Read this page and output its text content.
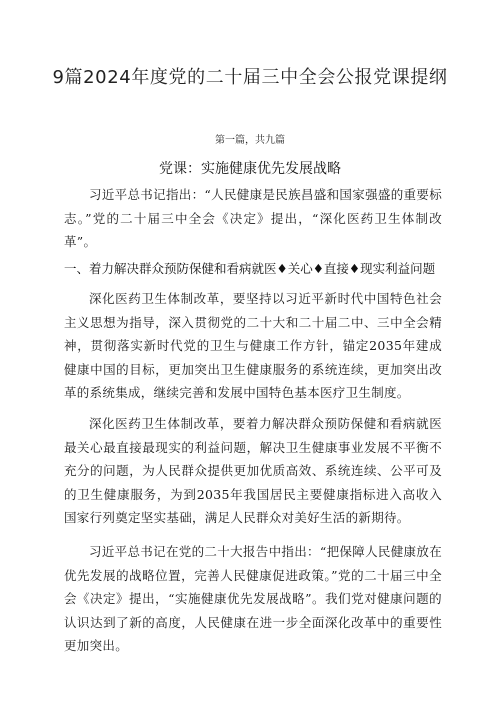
9篇2024年度党的二十届三中全会公报党课提纲
第一篇，共九篇
党课：实施健康优先发展战略

习近平总书记指出：“人民健康是民族昌盛和国家强盛的重要标志。”党的二十届三中全会《决定》提出，“深化医药卫生体制改革”。

一、着力解决群众预防保健和看病就医♦关心♦直接♦现实利益问题

深化医药卫生体制改革，要坚持以习近平新时代中国特色社会主义思想为指导，深入贯彻党的二十大和二十届二中、三中全会精神，贯彻落实新时代党的卫生与健康工作方针，锚定2035年建成健康中国的目标，更加突出卫生健康服务的系统连续，更加突出改革的系统集成，继续完善和发展中国特色基本医疗卫生制度。

深化医药卫生体制改革，要着力解决群众预防保健和看病就医最关心最直接最现实的利益问题，解决卫生健康事业发展不平衡不充分的问题，为人民群众提供更加优质高效、系统连续、公平可及的卫生健康服务，为到2035年我国居民主要健康指标进入高收入国家行列奠定坚实基础，满足人民群众对美好生活的新期待。

习近平总书记在党的二十大报告中指出：“把保障人民健康放在优先发展的战略位置，完善人民健康促进政策。”党的二十届三中全会《决定》提出，“实施健康优先发展战略”。我们党对健康问题的认识达到了新的高度，人民健康在进一步全面深化改革中的重要性更加突出。
